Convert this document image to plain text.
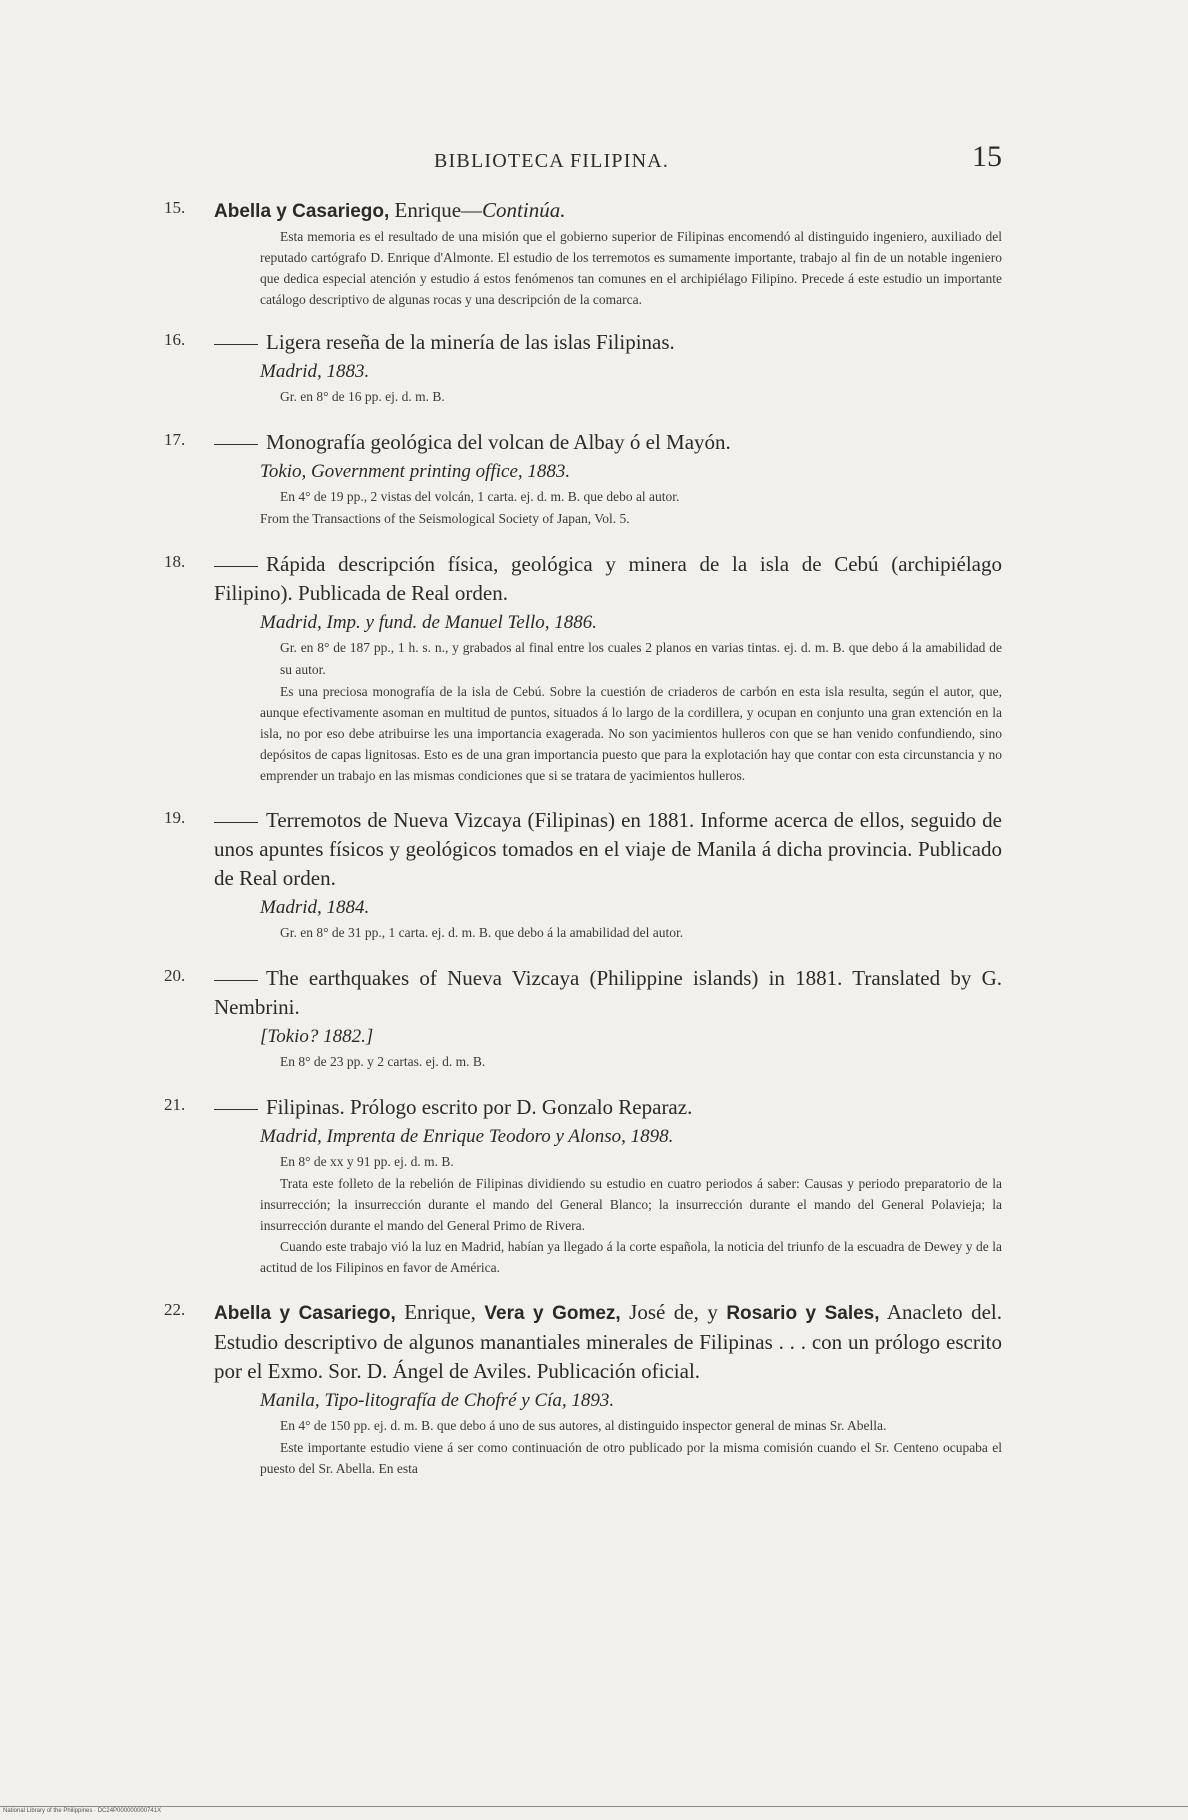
BIBLIOTECA FILIPINA.	15
15.	Abella y Casariego, Enrique—Continúa.
Esta memoria es el resultado de una misión que el gobierno superior de Filipinas encomendó al distinguido ingeniero, auxiliado del reputado cartógrafo D. Enrique d'Almonte. El estudio de los terremotos es sumamente importante, trabajo al fin de un notable ingeniero que dedica especial atención y estudio á estos fenómenos tan comunes en el archipiélago Filipino. Precede á este estudio un importante catálogo descriptivo de algunas rocas y una descripción de la comarca.
16.	Ligera reseña de la minería de las islas Filipinas.
Madrid, 1883.
Gr. en 8° de 16 pp. ej. d. m. B.
17.	Monografía geológica del volcan de Albay ó el Mayón.
Tokio, Government printing office, 1883.
En 4° de 19 pp., 2 vistas del volcán, 1 carta. ej. d. m. B. que debo al autor.
From the Transactions of the Seismological Society of Japan, Vol. 5.
18.	Rápida descripción física, geológica y minera de la isla de Cebú (archipiélago Filipino). Publicada de Real orden.
Madrid, Imp. y fund. de Manuel Tello, 1886.
Gr. en 8° de 187 pp., 1 h. s. n., y grabados al final entre los cuales 2 planos en varias tintas. ej. d. m. B. que debo á la amabilidad de su autor.
Es una preciosa monografía de la isla de Cebú. Sobre la cuestión de criaderos de carbón en esta isla resulta, según el autor, que, aunque efectivamente asoman en multitud de puntos, situados á lo largo de la cordillera, y ocupan en conjunto una gran extención en la isla, no por eso debe atribuirse les una importancia exagerada. No son yacimientos hulleros con que se han venido confundiendo, sino depósitos de capas lignitosas. Esto es de una gran importancia puesto que para la explotación hay que contar con esta circunstancia y no emprender un trabajo en las mismas condiciones que si se tratara de yacimientos hulleros.
19.	Terremotos de Nueva Vizcaya (Filipinas) en 1881. Informe acerca de ellos, seguido de unos apuntes físicos y geológicos tomados en el viaje de Manila á dicha provincia. Publicado de Real orden.
Madrid, 1884.
Gr. en 8° de 31 pp., 1 carta. ej. d. m. B. que debo á la amabilidad del autor.
20.	The earthquakes of Nueva Vizcaya (Philippine islands) in 1881. Translated by G. Nembrini.
[Tokio? 1882.]
En 8° de 23 pp. y 2 cartas. ej. d. m. B.
21.	Filipinas. Prólogo escrito por D. Gonzalo Reparaz.
Madrid, Imprenta de Enrique Teodoro y Alonso, 1898.
En 8° de xx y 91 pp. ej. d. m. B.
Trata este folleto de la rebelión de Filipinas dividiendo su estudio en cuatro periodos á saber: Causas y periodo preparatorio de la insurrección; la insurrección durante el mando del General Blanco; la insurrección durante el mando del General Polavieja; la insurrección durante el mando del General Primo de Rivera.
Cuando este trabajo vió la luz en Madrid, habían ya llegado á la corte española, la noticia del triunfo de la escuadra de Dewey y de la actitud de los Filipinos en favor de América.
22.	Abella y Casariego, Enrique, Vera y Gomez, José de, y Rosario y Sales, Anacleto del. Estudio descriptivo de algunos manantiales minerales de Filipinas . . . con un prólogo escrito por el Exmo. Sor. D. Ángel de Aviles. Publicación oficial.
Manila, Tipo-litografía de Chofré y Cía, 1893.
En 4° de 150 pp. ej. d. m. B. que debo á uno de sus autores, al distinguido inspector general de minas Sr. Abella.
Este importante estudio viene á ser como continuación de otro publicado por la misma comisión cuando el Sr. Centeno ocupaba el puesto del Sr. Abella. En esta
National Library of the Philippines · DC24P000000000741X
